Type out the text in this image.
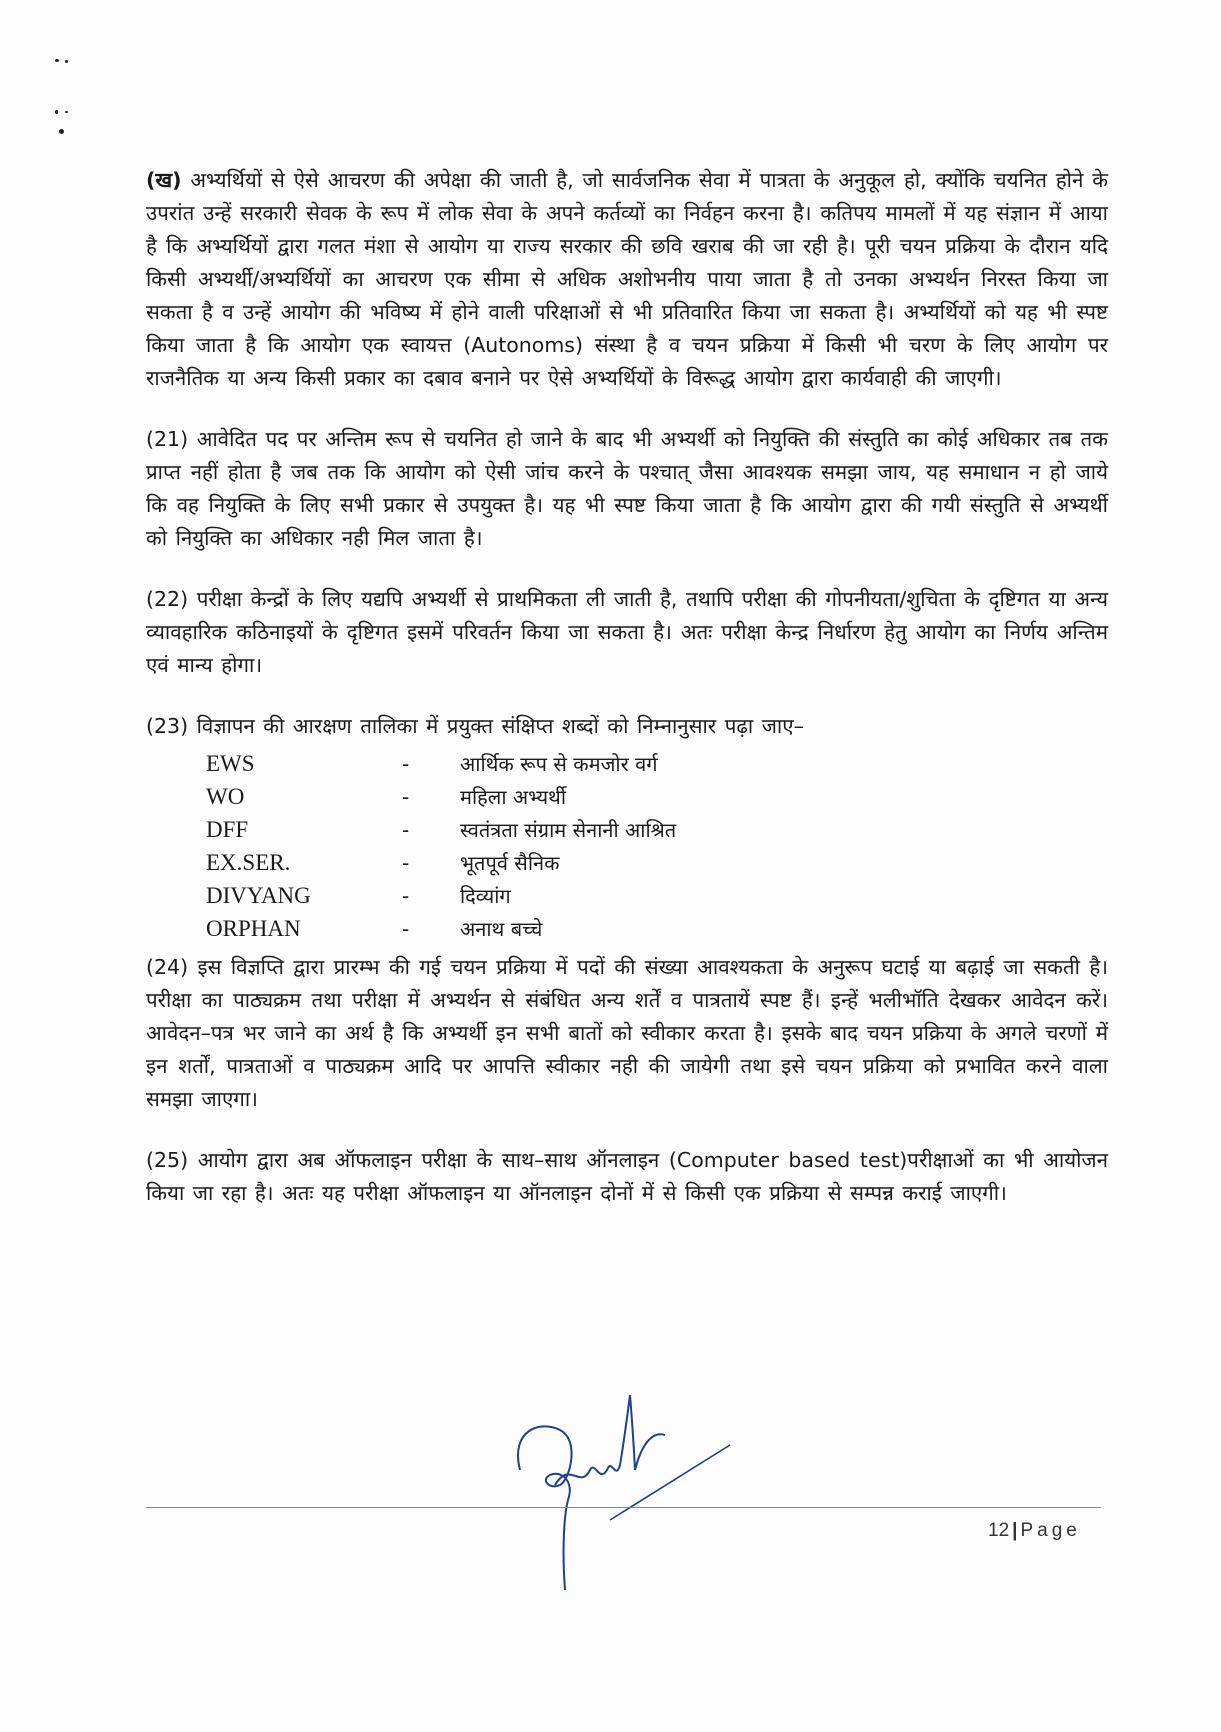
(ख) अभ्यर्थियों से ऐसे आचरण की अपेक्षा की जाती है, जो सार्वजनिक सेवा में पात्रता के अनुकूल हो, क्योंकि चयनित होने के उपरांत उन्हें सरकारी सेवक के रूप में लोक सेवा के अपने कर्तव्यों का निर्वहन करना है। कतिपय मामलों में यह संज्ञान में आया है कि अभ्यर्थियों द्वारा गलत मंशा से आयोग या राज्य सरकार की छवि खराब की जा रही है। पूरी चयन प्रक्रिया के दौरान यदि किसी अभ्यर्थी/अभ्यर्थियों का आचरण एक सीमा से अधिक अशोभनीय पाया जाता है तो उनका अभ्यर्थन निरस्त किया जा सकता है व उन्हें आयोग की भविष्य में होने वाली परिक्षाओं से भी प्रतिवारित किया जा सकता है। अभ्यर्थियों को यह भी स्पष्ट किया जाता है कि आयोग एक स्वायत्त (Autonoms) संस्था है व चयन प्रक्रिया में किसी भी चरण के लिए आयोग पर राजनैतिक या अन्य किसी प्रकार का दबाव बनाने पर ऐसे अभ्यर्थियों के विरूद्ध आयोग द्वारा कार्यवाही की जाएगी।

(21) आवेदित पद पर अन्तिम रूप से चयनित हो जाने के बाद भी अभ्यर्थी को नियुक्ति की संस्तुति का कोई अधिकार तब तक प्राप्त नहीं होता है जब तक कि आयोग को ऐसी जांच करने के पश्चात् जैसा आवश्यक समझा जाय, यह समाधान न हो जाये कि वह नियुक्ति के लिए सभी प्रकार से उपयुक्त है। यह भी स्पष्ट किया जाता है कि आयोग द्वारा की गयी संस्तुति से अभ्यर्थी को नियुक्ति का अधिकार नही मिल जाता है।

(22) परीक्षा केन्द्रों के लिए यद्यपि अभ्यर्थी से प्राथमिकता ली जाती है, तथापि परीक्षा की गोपनीयता/शुचिता के दृष्टिगत या अन्य व्यावहारिक कठिनाइयों के दृष्टिगत इसमें परिवर्तन किया जा सकता है। अतः परीक्षा केन्द्र निर्धारण हेतु आयोग का निर्णय अन्तिम एवं मान्य होगा।

(23) विज्ञापन की आरक्षण तालिका में प्रयुक्त संक्षिप्त शब्दों को निम्नानुसार पढ़ा जाए–

EWS	-	आर्थिक रूप से कमजोर वर्ग
WO	-	महिला अभ्यर्थी
DFF	-	स्वतंत्रता संग्राम सेनानी आश्रित
EX.SER.	-	भूतपूर्व सैनिक
DIVYANG	-	दिव्यांग
ORPHAN	-	अनाथ बच्चे

(24) इस विज्ञप्ति द्वारा प्रारम्भ की गई चयन प्रक्रिया में पदों की संख्या आवश्यकता के अनुरूप घटाई या बढ़ाई जा सकती है। परीक्षा का पाठ्यक्रम तथा परीक्षा में अभ्यर्थन से संबंधित अन्य शर्तें व पात्रतायें स्पष्ट हैं। इन्हें भलीभॉति देखकर आवेदन करें। आवेदन–पत्र भर जाने का अर्थ है कि अभ्यर्थी इन सभी बातों को स्वीकार करता है। इसके बाद चयन प्रक्रिया के अगले चरणों में इन शर्तों, पात्रताओं व पाठ्यक्रम आदि पर आपत्ति स्वीकार नही की जायेगी तथा इसे चयन प्रक्रिया को प्रभावित करने वाला समझा जाएगा।

(25) आयोग द्वारा अब ऑफलाइन परीक्षा के साथ–साथ ऑनलाइन (Computer based test)परीक्षाओं का भी आयोजन किया जा रहा है। अतः यह परीक्षा ऑफलाइन या ऑनलाइन दोनों में से किसी एक प्रक्रिया से सम्पन्न कराई जाएगी।

12 | Page
